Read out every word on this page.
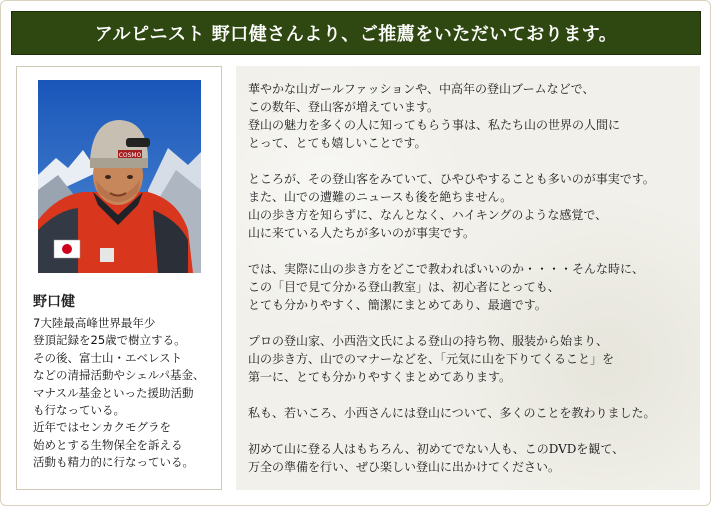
アルピニスト 野口健さんより、ご推薦をいただいております。
COSMO
野口健
7大陸最高峰世界最年少
登頂記録を25歳で樹立する。
その後、富士山・エベレスト
などの清掃活動やシェルパ基金、
マナスル基金といった援助活動
も行なっている。
近年ではセンカクモグラを
始めとする生物保全を訴える
活動も精力的に行なっている。
華やかな山ガールファッションや、中高年の登山ブームなどで、
この数年、登山客が増えています。
登山の魅力を多くの人に知ってもらう事は、私たち山の世界の人間に
とって、とても嬉しいことです。
ところが、その登山客をみていて、ひやひやすることも多いのが事実です。
また、山での遭難のニュースも後を絶ちません。
山の歩き方を知らずに、なんとなく、ハイキングのような感覚で、
山に来ている人たちが多いのが事実です。
では、実際に山の歩き方をどこで教われぱいいのか・・・・そんな時に、
この「目で見て分かる登山教室」は、初心者にとっても、
とても分かりやすく、簡潔にまとめてあり、最適です。
プロの登山家、小西浩文氏による登山の持ち物、服装から始まり、
山の歩き方、山でのマナーなどを、「元気に山を下りてくること」を
第一に、とても分かりやすくまとめてあります。
私も、若いころ、小西さんには登山について、多くのことを教わりました。
初めて山に登る人はもちろん、初めてでない人も、このDVDを観て、
万全の準備を行い、ぜひ楽しい登山に出かけてください。
